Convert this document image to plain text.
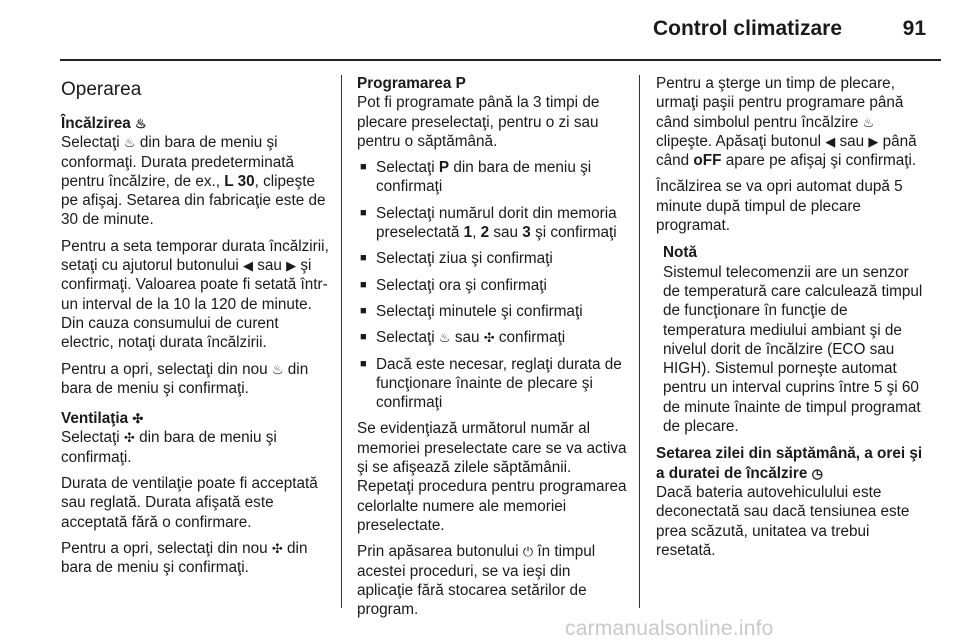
Control climatizare	91
Operarea
Încălzirea ♨

Selectaţi ♨ din bara de meniu şi conformaţi. Durata predeterminată pentru încălzire, de ex., L 30, clipeşte pe afişaj. Setarea din fabricaţie este de 30 de minute.

Pentru a seta temporar durata încălzirii, setaţi cu ajutorul butonului ◀ sau ▶ şi confirmaţi. Valoarea poate fi setată într-un interval de la 10 la 120 de minute. Din cauza consumului de curent electric, notaţi durata încălzirii.

Pentru a opri, selectaţi din nou ♨ din bara de meniu şi confirmaţi.

Ventilaţia ✣

Selectaţi ✣ din bara de meniu şi confirmaţi.

Durata de ventilaţie poate fi acceptată sau reglată. Durata afişată este acceptată fără o confirmare.

Pentru a opri, selectaţi din nou ✣ din bara de meniu şi confirmaţi.

Programarea P

Pot fi programate până la 3 timpi de plecare preselectaţi, pentru o zi sau pentru o săptămână.

■ Selectaţi P din bara de meniu şi confirmaţi
■ Selectaţi numărul dorit din memoria preselectată 1, 2 sau 3 şi confirmaţi
■ Selectaţi ziua şi confirmaţi
■ Selectaţi ora şi confirmaţi
■ Selectaţi minutele şi confirmaţi
■ Selectaţi ♨ sau ✣ confirmaţi
■ Dacă este necesar, reglaţi durata de funcţionare înainte de plecare şi confirmaţi

Se evidenţiază următorul număr al memoriei preselectate care se va activa şi se afişează zilele săptămânii. Repetaţi procedura pentru programarea celorlalte numere ale memoriei preselectate.

Prin apăsarea butonului ⏻ în timpul acestei proceduri, se va ieşi din aplicaţie fără stocarea setărilor de program.

Pentru a şterge un timp de plecare, urmaţi paşii pentru programare până când simbolul pentru încălzire ♨ clipeşte. Apăsaţi butonul ◀ sau ▶ până când oFF apare pe afişaj şi confirmaţi.

Încălzirea se va opri automat după 5 minute după timpul de plecare programat.

Notă

Sistemul telecomenzii are un senzor de temperatură care calculează timpul de funcţionare în funcţie de temperatura mediului ambiant şi de nivelul dorit de încălzire (ECO sau HIGH). Sistemul porneşte automat pentru un interval cuprins între 5 şi 60 de minute înainte de timpul programat de plecare.

Setarea zilei din săptămână, a orei şi a duratei de încălzire ◷

Dacă bateria autovehiculului este deconectată sau dacă tensiunea este prea scăzută, unitatea va trebui resetată.

carmanualsonline.info
